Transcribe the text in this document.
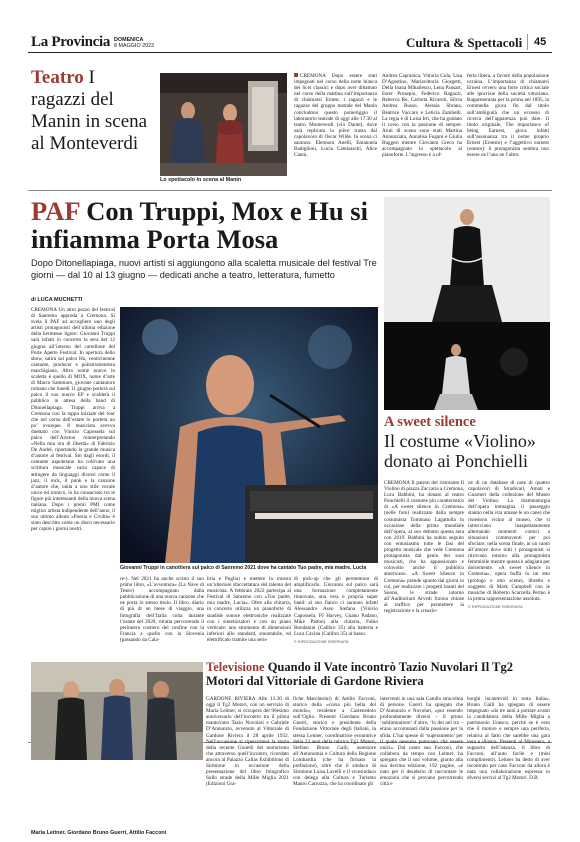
La Provincia DOMENICA
8 MAGGIO 2022	Cultura & Spettacoli 45
Teatro I ragazzi del Manin in scena al Monteverdi
Lo spettacolo in scena al Manin
CREMONA Dopo essere stati impegnati nel corso della notte bianca dei licei classici e dopo aver dibattuto nel corso della mattina sull’importanza di chiamarsi Ernest, i ragazzi e le ragazze del gruppo teatrale del Manin concludono questo pomeriggio il laboratorio teatrale di oggi alle 17.30 al teatro Monteverdi (via Dante), dove sarà replicata la pièce trasta dal capolavoro di Oscar Wilde. In scena ci saranno: Eleonora Anelli, Emanuela Badiglioni, Lucia Camisaschi, Alice Canni,
Andrea Capranica, Vittoria Cola, Lisa D’Agostino, Mariavittoria Giorgetti, Delia Ioana Mihailescu, Lena Pansart, Ester Prosepio, Federico Ragazzi, Rebecca Re, Carlotta Rivaroli, Silvia Andrea Russo, Alessia Sbrana, Beatrice Vaccaro e Leticia Zambelli. La regia è di Luisa Irti, che ha guidato il corso con la passione di sempre. Aiuti di scena sono stati Martina Annunziata, Annalisa Fugani e Giulia Ruggeri mentre Giovanni Greco ha accompagnato lo spettacolo al pianoforte. L’ingresso è a of-
ferta libera, a favore della popolazione ucraina. L’importanza di chiamarsi Ernest ovvero una forte critica sociale alle ipocrisie della società vittoriana. Rappresentata per la prima nel 1895, la commedia gioca fin dal titolo sull’ambiguità che un eccesso di ricerca dell’apparenza può dare. Il titolo originale, The importance of being Earnest, gioca infatti sull’assonanza tra il nome proprio Ernest (Ernesto) e l’aggettivo earnest (onesto): il protagonista sembra non essere ne l’uno ne l’altro.
PAF Con Truppi, Mox e Hu si infiamma Porta Mosa
Dopo Ditonellapiaga, nuovi artisti si aggiungono alla scaletta musicale del festival Tre giorni — dal 10 al 13 giugno — dedicati anche a teatro, letteratura, fumetto
di LUCA MUCHETTI
CREMONA Un altro pezzo del festival di Sanremo approda a Cremona. Si svela il PAF ad accogliere uno degli artisti protagonisti dell’ultima edizione della kermesse ligure: Giovanni Truppi sarà infatti in concerto la sera del 12 giugno all’interno del cartellone del Porte Aperte Festival. In apertura dello show, salirà sul palco Hu, venticinenne cantante, producer e polistrumentista marchigiana. Altro nome nuovo in scaletta è quello di MOX, nome d’arte di Marco Sammaro, giovane cantautore romano che lunedì 11 giugno porterà sul palco il suo nuovo EP e scalderà il pubblico in attesa della band di Ditonellapiaga. Truppi arriva a Cremona con la tappa iniziale del tour che nel corso dell’estate lo porterà un po’ ovunque. Il musicista avevva duettato con Vinicio Capossela sul palco dell’Ariston reinterpretando «Nella mia ora di libertà» di Fabrizio De André, riportando la grande musica d’autore al festival. Sin dagli esordi, il cantante napoletano ha coltivato una scrittura musicale varia capace di attingere da linguaggi diversi come il jazz, il rock, il punk e la canzone d’autore che, unita a uno stile vocale unico ed ironico, lo ha consacrato tra le figure più interessanti della nuova scena italiana. Dopo i premi PMI come miglior artista indipendente dell’anno, il suo ultimo album «Poesia e Civiltà» è stato descritto come un disco necessario per capire i giorni nostri.
Giovanni Truppi in canottiera sul palco di Sanremo 2021 dove ha cantato Tuo padre, mia madre, Lucia
re-). Nel 2021 ha anche scritto il suo primo libro, «L’avventura» (La Nave di Teseo) accompagnato dalla pubblicazione di una nuova canzone che ne porta lo stesso titolo. Il libro, diario di più di un mese di viaggio, una fotografia dell’Italia colta durante l’estate del 2020, ritratta percorrendo il perimetro costiero del confine con la Francia a quello con la Slovenia (passando da Cala-
bria e Puglia) e mettere in mostra un’ulteriore sfaccettatura del talento del musicista. A febbraio 2022 partecipa al Festival di Sanremo con «Tuo padre, mia madre, Lucia». Oltre alla chitarra, in concerto utilizza un pianoforte di suadide sonore elettroniche realizzate con i sintetizzatori e con un piano verticale: uno strumento di dimensioni inferiori allo standard, smontabile, ed elettrificato tramite una serie
di pick-up che gli permettono di amplificarlo. Giovanni sul palco sarà una formazione completamente rinnovata, una vera e propria super band: al suo fianco ci saranno infatti Alessandro Asso Stefana (Vinicio Capossela, PJ Harvey, Guano Padano, Mike Patton) alla chitarra, Fabio Rondanini (Calibro 35) alla batteria e Luca Cavina (Calibro 35) al basso.
© RIPRODUZIONE RISERVATA
A sweet silence
Il costume «Violino» donato ai Ponchielli
CREMONA Il patron del ristorante Il Violino di piazza Zaccaria a Cremona, Luca Babbini, ha donato al teatro Ponchielli il costume più caratteristico di «A sweet silence in Cremona» (nelle foto) realizzato dalla sempre costumista Tommaso Lagattolla in occasione della prima mondiale dell’opera, al suo debutto questa sera con 2019. Babbini ha subito seguito con entusiasmo tutte le fasi del progetto musicale che vede Cremona protagonista dal genio dei suoi musicisti, che ha appassionato e coinvolto anche il pubblico americano. «A Sweet Silence in Cremona» prende spunto dai giorni in cui, per realizzare i progetti basati del Suono, le strade intorno all’Auditorium Arvedi furono chiuse al traffico per permettere la registrazione e la creazio-
ne di un database di note di quattro capolavori di Stradivari, Amati e Guarneri della collezione del Museo del Violino. La drammaturgia dell’opera immagina il passeggio stantio nella vita umane le un cane) che risiedono vicino al museo, che si intrecciano inaspettatamente alternando momenti comici a situazioni commoventi per poi sfociare, nella scena finale, in un canto all’amore dove tutti i protagonisti si ritrovano intorno alla protagonista femminile mentre questa è adagiata per dolcemente. «A sweet silence in Cremona», opera buffa in un atto (prologo e otto scene), libretto e soggetto di Mark Campbell con le musiche di Roberto Scarcella Perino è la prima rappresentazione assoluta.
© RIPRODUZIONE RISERVATA
Maria Leitner, Giordano Bruno Guerri, Attilio Facconi
Televisione Quando il Vate incontrò Tazio Nuvolari Il Tg2 Motori dal Vittoriale di Gardone Riviera
GARDONE RIVIERA Alle 13.30 di oggi il Tg2 Motori, con un servizio di Maria Leitner, si occuperà del 90esimo anniversario dell’incontro tra il pilota mantovano Tazio Nuvolari e Gabriele D’Annunzio, avvenuto al Vittoriale di Gardone Riviera il 28 aprile 1932. Nell’occasione si ripercorrerà la storia della recente Gioielli del motorismo che attraverso quell’incontro, ricordato ancora al Palazzo Callas Exhibitions di Sirmione in occasione della presentazione del libro fotografico Sullo strade della Mille Miglia 2021 (Edizioni Gra-
fiche Marchesini) di Attilio Facconi, storico della «corsa più bella del mondo», residente a Castenedolo sull’Oglio. Presenti Giordano Bruno Guerri, storico e presidente della Fondazione Vittoriale degli Italiani, la stessa Leitner, coordinatrice ecountrice della 23 anni della rubrica Tg2 Motori, Stefano Bruno Galli, assessore all’Autonomia e Cultura della Regione Lombardia (che ha firmato la prefazione), oltre che il sindaco di Sirmione Luisa Lavelli e il vicesindaco con delega alla Cultura e Turismo Mauro Carrozza, che ha coordinato gli
interventi in una sala Catullo stracolma di persone. Guerri ha spiegato che D’Annunzio e Nuvolari, «pur essendo profondamente diversi – il primo ‘sublimunitore’ d’altro, ‘lo dei nel tra – erano accomunati dalla passione per la sfida. L’hai spesse di ‘superamento’ per il quale nessuno potevano che essere unici». Dal canto suo Facconi, che collabora da tempo con Leitner, ha spiegato che il suo volume, giunto alla sua decima edizione, 192 pagine, «è nato per il desiderio di raccontare le emozioni che si provano percorrendo città e
borghi incantevoli in tutta Italia». Bruno Galli ha spiegato di essere impegnato «da tre anni a portare avanti la candidatura della Mille Miglia a patrimonio Unesco, perché se è vero che il motore e sempre una periferia, relativa al fatto che sarebbe una gara vera e illustra. Presenti al Ministero, a supporto dell’istanza, il libro di Facconi, all’auto facile e (miei complimenti). Leitner ha detto di aver incontrato per caso Facconi da allora è nata una collaborazione espressa in diversi servizi al Tg2 Motori. D.B.
